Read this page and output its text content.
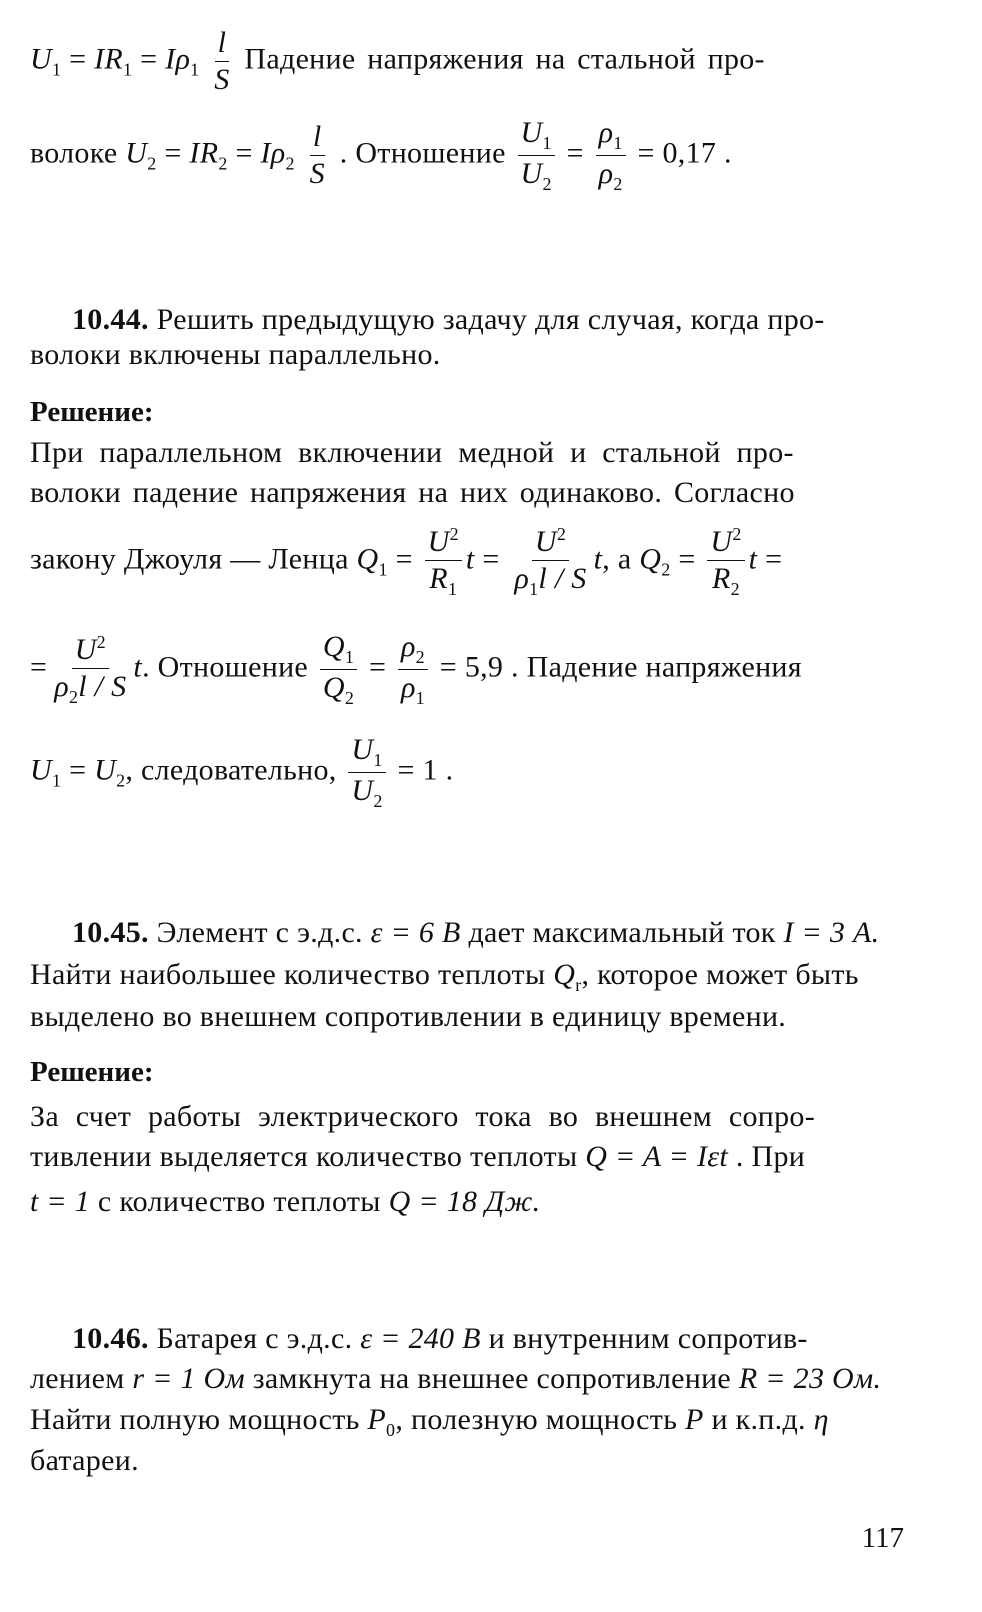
$U_1 = IR_1 = I\rho_1 \frac{l}{S}$ Падение напряжения на стальной про-
волоке $U_2 = IR_2 = I\rho_2 \frac{l}{S}$ . Отношение $\frac{U_1}{U_2} = \frac{\rho_1}{\rho_2} = 0,17$ .
10.44. Решить предыдущую задачу для случая, когда про-
волоки включены параллельно.
Решение:
При параллельном включении медной и стальной про-
волоки падение напряжения на них одинаково. Согласно
закону Джоуля — Ленца $Q_1 = \frac{U^2}{R_1}$ $t = \frac{U^2}{\rho_1l / S} t$, а $Q_2 = \frac{U^2}{R_2}$ t =
= $\frac{U^2}{\rho_2l / S} t$. Отношение $\frac{Q_1}{Q_2} = \frac{\rho_2}{\rho_1} = 5,9$ . Падение напряжения
$U_1 = U_2$, следовательно, $\frac{U_1}{U_2} = 1$ .
10.45. Элемент с э.д.с. ε = 6 В дает максимальный ток I = 3 А.
Найти наибольшее количество теплоты $Q_r$, которое может быть
выделено во внешнем сопротивлении в единицу времени.
Решение:
За счет работы электрического тока во внешнем сопро-
тивлении выделяется количество теплоты Q = A = Iεt . При
t = 1 с количество теплоты Q = 18 Дж.
10.46. Батарея с э.д.с. ε = 240 В и внутренним сопротив-
лением r = 1 Ом замкнута на внешнее сопротивление R = 23 Ом.
Найти полную мощность $P_0$, полезную мощность P и к.п.д. η
батареи.
117
